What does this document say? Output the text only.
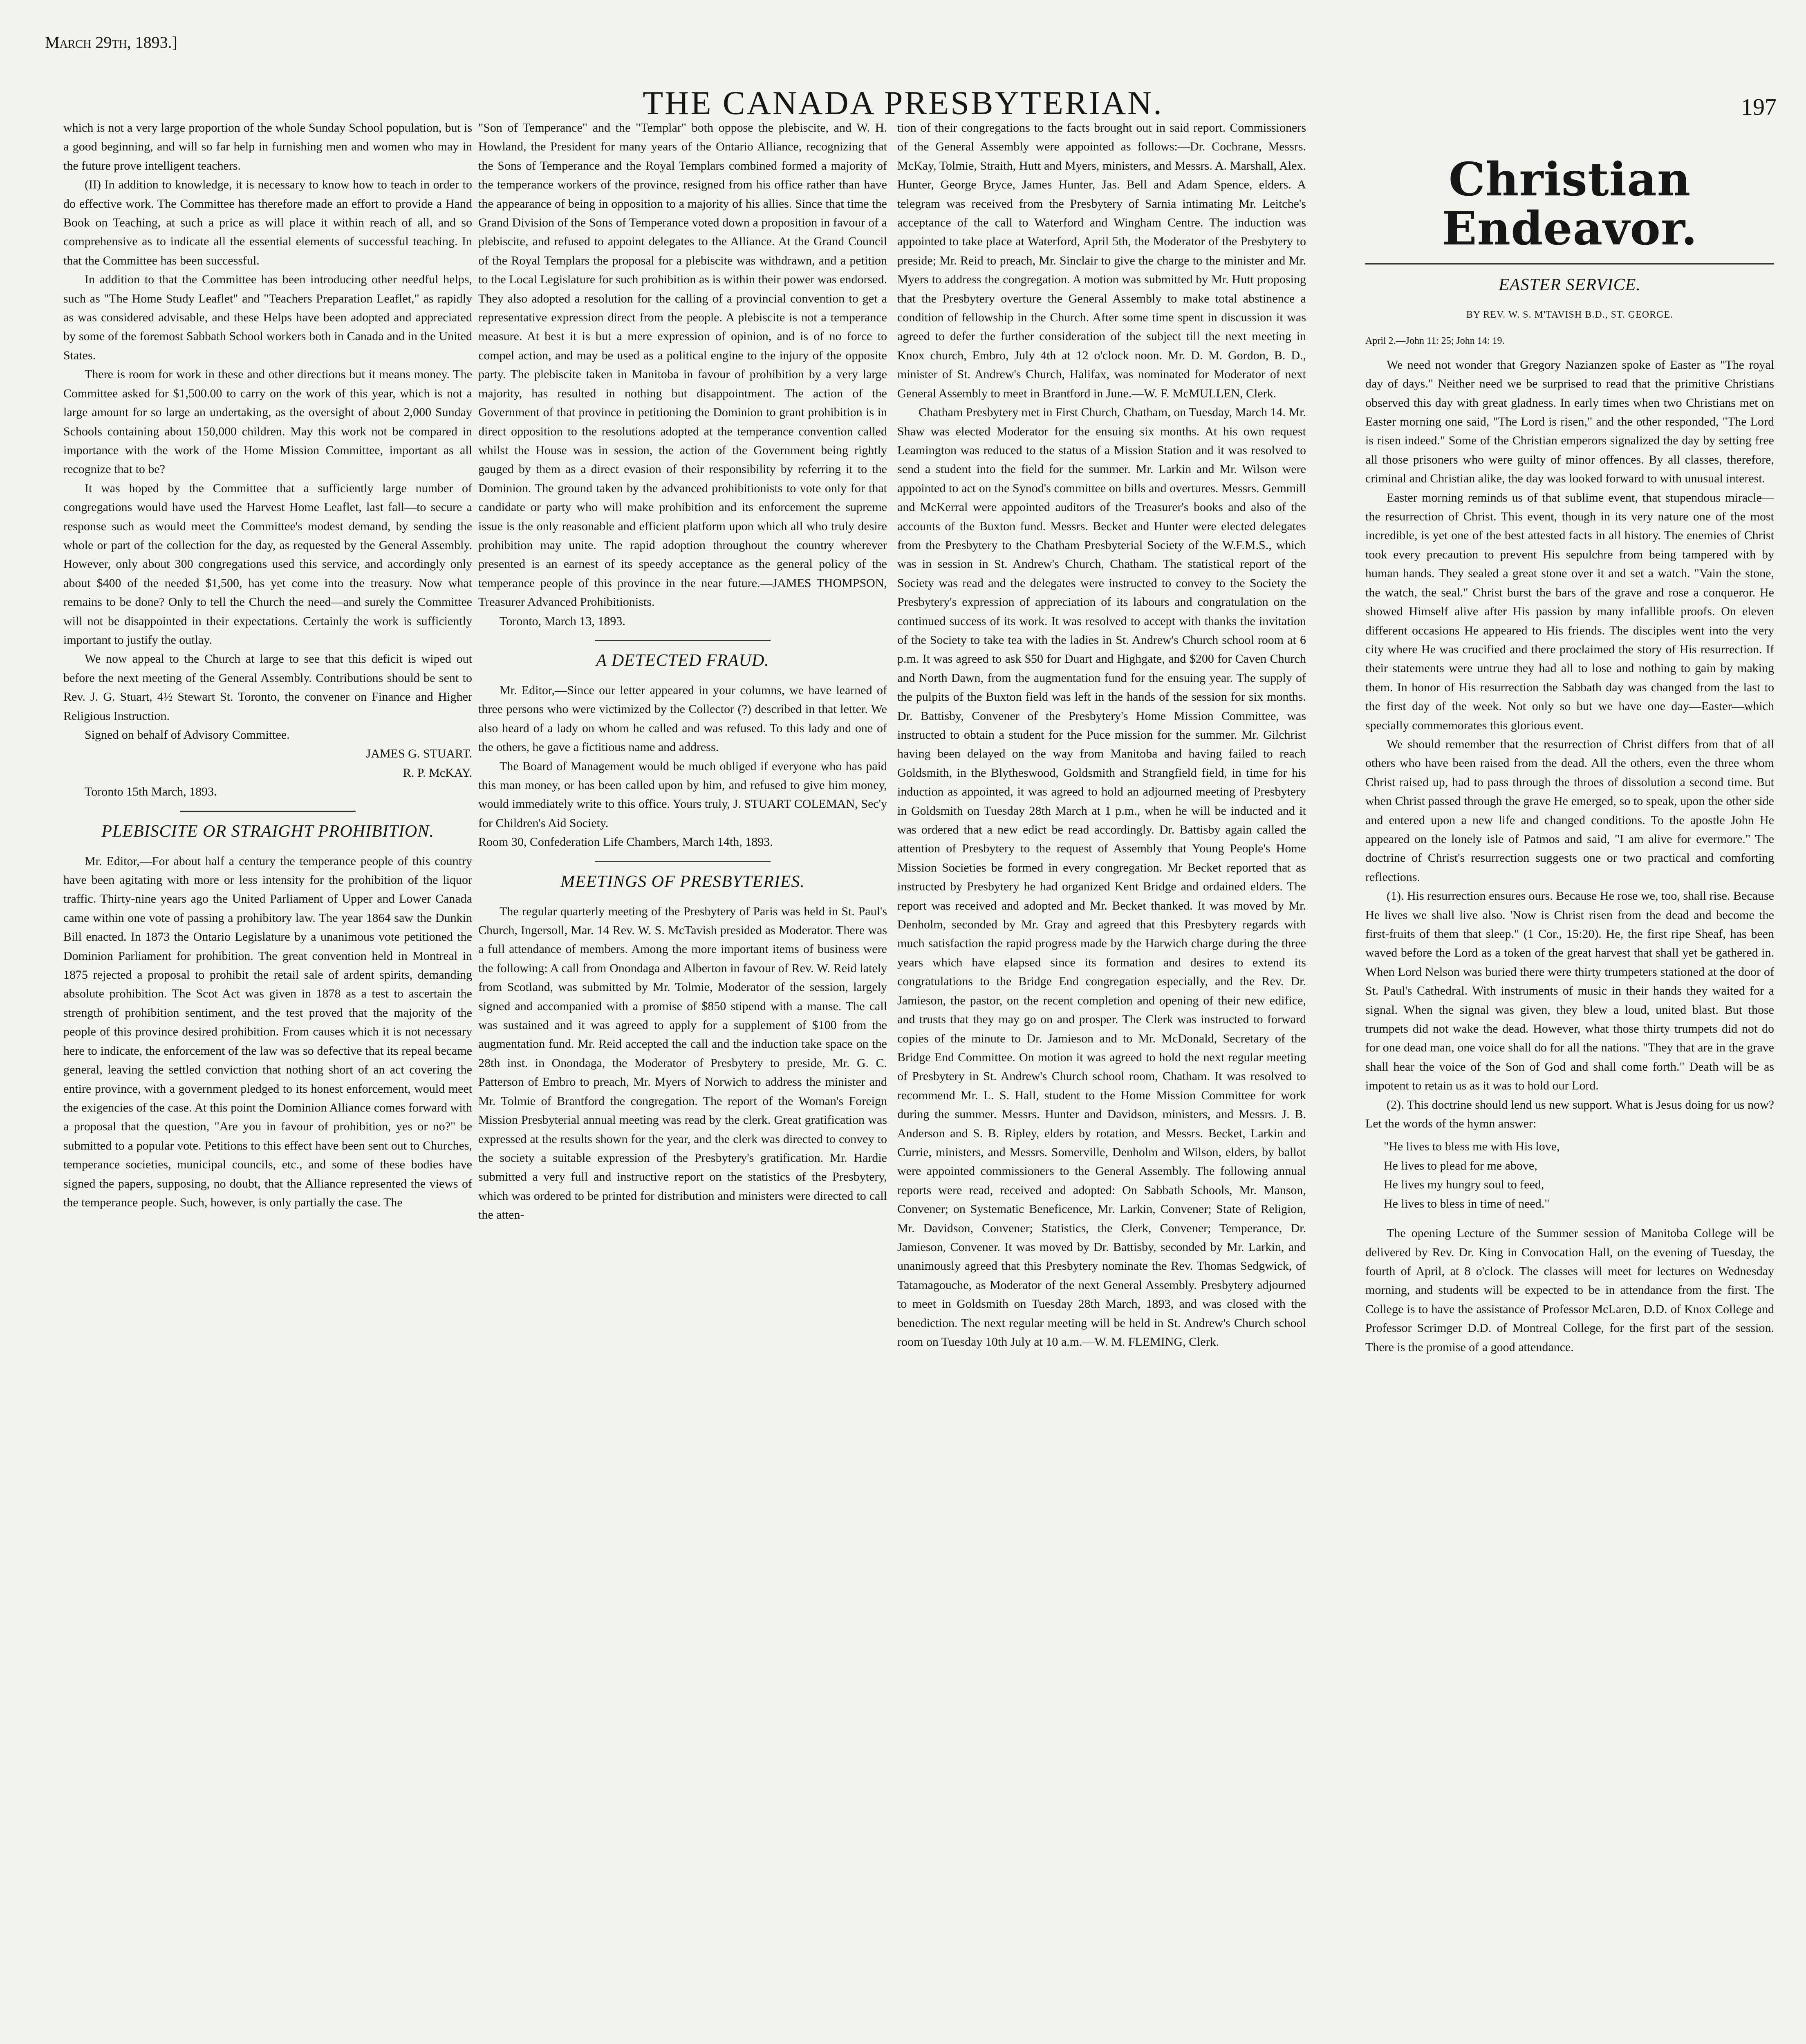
March 29th, 1893.]
THE CANADA PRESBYTERIAN.	197

which is not a very large proportion of the whole Sunday School population, but is a good beginning, and will so far help in furnishing men and women who may in the future prove intelligent teachers.

(II) In addition to knowledge, it is necessary to know how to teach in order to do effective work. The Committee has therefore made an effort to provide a Hand Book on Teaching, at such a price as will place it within reach of all, and so comprehensive as to indicate all the essential elements of successful teaching. In that the Committee has been successful.

In addition to that the Committee has been introducing other needful helps, such as "The Home Study Leaflet" and "Teachers Preparation Leaflet," as rapidly as was considered advisable, and these Helps have been adopted and appreciated by some of the foremost Sabbath School workers both in Canada and in the United States.

There is room for work in these and other directions but it means money. The Committee asked for $1,500.00 to carry on the work of this year, which is not a large amount for so large an undertaking, as the oversight of about 2,000 Sunday Schools containing about 150,000 children. May this work not be compared in importance with the work of the Home Mission Committee, important as all recognize that to be?

It was hoped by the Committee that a sufficiently large number of congregations would have used the Harvest Home Leaflet, last fall—to secure a response such as would meet the Committee's modest demand, by sending the whole or part of the collection for the day, as requested by the General Assembly. However, only about 300 congregations used this service, and accordingly only about $400 of the needed $1,500, has yet come into the treasury. Now what remains to be done? Only to tell the Church the need—and surely the Committee will not be disappointed in their expectations. Certainly the work is sufficiently important to justify the outlay.

We now appeal to the Church at large to see that this deficit is wiped out before the next meeting of the General Assembly. Contributions should be sent to Rev. J. G. Stuart, 4½ Stewart St. Toronto, the convener on Finance and Higher Religious Instruction.

Signed on behalf of Advisory Committee.

JAMES G. STUART.

R. P. McKAY.

Toronto 15th March, 1893.

PLEBISCITE OR STRAIGHT PROHIBITION.

Mr. Editor,—For about half a century the temperance people of this country have been agitating with more or less intensity for the prohibition of the liquor traffic. Thirty-nine years ago the United Parliament of Upper and Lower Canada came within one vote of passing a prohibitory law. The year 1864 saw the Dunkin Bill enacted. In 1873 the Ontario Legislature by a unanimous vote petitioned the Dominion Parliament for prohibition. The great convention held in Montreal in 1875 rejected a proposal to prohibit the retail sale of ardent spirits, demanding absolute prohibition. The Scot Act was given in 1878 as a test to ascertain the strength of prohibition sentiment, and the test proved that the majority of the people of this province desired prohibition. From causes which it is not necessary here to indicate, the enforcement of the law was so defective that its repeal became general, leaving the settled conviction that nothing short of an act covering the entire province, with a government pledged to its honest enforcement, would meet the exigencies of the case. At this point the Dominion Alliance comes forward with a proposal that the question, "Are you in favour of prohibition, yes or no?" be submitted to a popular vote. Petitions to this effect have been sent out to Churches, temperance societies, municipal councils, etc., and some of these bodies have signed the papers, supposing, no doubt, that the Alliance represented the views of the temperance people. Such, however, is only partially the case. The

"Son of Temperance" and the "Templar" both oppose the plebiscite, and W. H. Howland, the President for many years of the Ontario Alliance, recognizing that the Sons of Temperance and the Royal Templars combined formed a majority of the temperance workers of the province, resigned from his office rather than have the appearance of being in opposition to a majority of his allies. Since that time the Grand Division of the Sons of Temperance voted down a proposition in favour of a plebiscite, and refused to appoint delegates to the Alliance. At the Grand Council of the Royal Templars the proposal for a plebiscite was withdrawn, and a petition to the Local Legislature for such prohibition as is within their power was endorsed. They also adopted a resolution for the calling of a provincial convention to get a representative expression direct from the people. A plebiscite is not a temperance measure. At best it is but a mere expression of opinion, and is of no force to compel action, and may be used as a political engine to the injury of the opposite party. The plebiscite taken in Manitoba in favour of prohibition by a very large majority, has resulted in nothing but disappointment. The action of the Government of that province in petitioning the Dominion to grant prohibition is in direct opposition to the resolutions adopted at the temperance convention called whilst the House was in session, the action of the Government being rightly gauged by them as a direct evasion of their responsibility by referring it to the Dominion. The ground taken by the advanced prohibitionists to vote only for that candidate or party who will make prohibition and its enforcement the supreme issue is the only reasonable and efficient platform upon which all who truly desire prohibition may unite. The rapid adoption throughout the country wherever presented is an earnest of its speedy acceptance as the general policy of the temperance people of this province in the near future.—JAMES THOMPSON, Treasurer Advanced Prohibitionists.

Toronto, March 13, 1893.

A DETECTED FRAUD.

Mr. Editor,—Since our letter appeared in your columns, we have learned of three persons who were victimized by the Collector (?) described in that letter. We also heard of a lady on whom he called and was refused. To this lady and one of the others, he gave a fictitious name and address.

The Board of Management would be much obliged if everyone who has paid this man money, or has been called upon by him, and refused to give him money, would immediately write to this office. Yours truly, J. STUART COLEMAN, Sec'y for Children's Aid Society.

Room 30, Confederation Life Chambers, March 14th, 1893.

MEETINGS OF PRESBYTERIES.

The regular quarterly meeting of the Presbytery of Paris was held in St. Paul's Church, Ingersoll, Mar. 14 Rev. W. S. McTavish presided as Moderator. There was a full attendance of members. Among the more important items of business were the following: A call from Onondaga and Alberton in favour of Rev. W. Reid lately from Scotland, was submitted by Mr. Tolmie, Moderator of the session, largely signed and accompanied with a promise of $850 stipend with a manse. The call was sustained and it was agreed to apply for a supplement of $100 from the augmentation fund. Mr. Reid accepted the call and the induction take space on the 28th inst. in Onondaga, the Moderator of Presbytery to preside, Mr. G. C. Patterson of Embro to preach, Mr. Myers of Norwich to address the minister and Mr. Tolmie of Brantford the congregation. The report of the Woman's Foreign Mission Presbyterial annual meeting was read by the clerk. Great gratification was expressed at the results shown for the year, and the clerk was directed to convey to the society a suitable expression of the Presbytery's gratification. Mr. Hardie submitted a very full and instructive report on the statistics of the Presbytery, which was ordered to be printed for distribution and ministers were directed to call the atten-

tion of their congregations to the facts brought out in said report. Commissioners of the General Assembly were appointed as follows:—Dr. Cochrane, Messrs. McKay, Tolmie, Straith, Hutt and Myers, ministers, and Messrs. A. Marshall, Alex. Hunter, George Bryce, James Hunter, Jas. Bell and Adam Spence, elders. A telegram was received from the Presbytery of Sarnia intimating Mr. Leitche's acceptance of the call to Waterford and Wingham Centre. The induction was appointed to take place at Waterford, April 5th, the Moderator of the Presbytery to preside; Mr. Reid to preach, Mr. Sinclair to give the charge to the minister and Mr. Myers to address the congregation. A motion was submitted by Mr. Hutt proposing that the Presbytery overture the General Assembly to make total abstinence a condition of fellowship in the Church. After some time spent in discussion it was agreed to defer the further consideration of the subject till the next meeting in Knox church, Embro, July 4th at 12 o'clock noon. Mr. D. M. Gordon, B. D., minister of St. Andrew's Church, Halifax, was nominated for Moderator of next General Assembly to meet in Brantford in June.—W. F. McMULLEN, Clerk.

Chatham Presbytery met in First Church, Chatham, on Tuesday, March 14. Mr. Shaw was elected Moderator for the ensuing six months. At his own request Leamington was reduced to the status of a Mission Station and it was resolved to send a student into the field for the summer. Mr. Larkin and Mr. Wilson were appointed to act on the Synod's committee on bills and overtures. Messrs. Gemmill and McKerral were appointed auditors of the Treasurer's books and also of the accounts of the Buxton fund. Messrs. Becket and Hunter were elected delegates from the Presbytery to the Chatham Presbyterial Society of the W.F.M.S., which was in session in St. Andrew's Church, Chatham. The statistical report of the Society was read and the delegates were instructed to convey to the Society the Presbytery's expression of appreciation of its labours and congratulation on the continued success of its work. It was resolved to accept with thanks the invitation of the Society to take tea with the ladies in St. Andrew's Church school room at 6 p.m. It was agreed to ask $50 for Duart and Highgate, and $200 for Caven Church and North Dawn, from the augmentation fund for the ensuing year. The supply of the pulpits of the Buxton field was left in the hands of the session for six months. Dr. Battisby, Convener of the Presbytery's Home Mission Committee, was instructed to obtain a student for the Puce mission for the summer. Mr. Gilchrist having been delayed on the way from Manitoba and having failed to reach Goldsmith, in the Blytheswood, Goldsmith and Strangfield field, in time for his induction as appointed, it was agreed to hold an adjourned meeting of Presbytery in Goldsmith on Tuesday 28th March at 1 p.m., when he will be inducted and it was ordered that a new edict be read accordingly. Dr. Battisby again called the attention of Presbytery to the request of Assembly that Young People's Home Mission Societies be formed in every congregation. Mr Becket reported that as instructed by Presbytery he had organized Kent Bridge and ordained elders. The report was received and adopted and Mr. Becket thanked. It was moved by Mr. Denholm, seconded by Mr. Gray and agreed that this Presbytery regards with much satisfaction the rapid progress made by the Harwich charge during the three years which have elapsed since its formation and desires to extend its congratulations to the Bridge End congregation especially, and the Rev. Dr. Jamieson, the pastor, on the recent completion and opening of their new edifice, and trusts that they may go on and prosper. The Clerk was instructed to forward copies of the minute to Dr. Jamieson and to Mr. McDonald, Secretary of the Bridge End Committee. On motion it was agreed to hold the next regular meeting of Presbytery in St. Andrew's Church school room, Chatham. It was resolved to recommend Mr. L. S. Hall, student to the Home Mission Committee for work during the summer. Messrs. Hunter and Davidson, ministers, and Messrs. J. B. Anderson and S. B. Ripley, elders by rotation, and Messrs. Becket, Larkin and Currie, ministers, and Messrs. Somerville, Denholm and Wilson, elders, by ballot were appointed commissioners to the General Assembly. The following annual reports were read, received and adopted: On Sabbath Schools, Mr. Manson, Convener; on Systematic Beneficence, Mr. Larkin, Convener; State of Religion, Mr. Davidson, Convener; Statistics, the Clerk, Convener; Temperance, Dr. Jamieson, Convener. It was moved by Dr. Battisby, seconded by Mr. Larkin, and unanimously agreed that this Presbytery nominate the Rev. Thomas Sedgwick, of Tatamagouche, as Moderator of the next General Assembly. Presbytery adjourned to meet in Goldsmith on Tuesday 28th March, 1893, and was closed with the benediction. The next regular meeting will be held in St. Andrew's Church school room on Tuesday 10th July at 10 a.m.—W. M. FLEMING, Clerk.

Christian Endeavor.
EASTER SERVICE.
BY REV. W. S. M'TAVISH B.D., ST. GEORGE.
April 2.—John 11: 25; John 14: 19.

We need not wonder that Gregory Nazianzen spoke of Easter as "The royal day of days." Neither need we be surprised to read that the primitive Christians observed this day with great gladness. In early times when two Christians met on Easter morning one said, "The Lord is risen," and the other responded, "The Lord is risen indeed." Some of the Christian emperors signalized the day by setting free all those prisoners who were guilty of minor offences. By all classes, therefore, criminal and Christian alike, the day was looked forward to with unusual interest.

Easter morning reminds us of that sublime event, that stupendous miracle— the resurrection of Christ. This event, though in its very nature one of the most incredible, is yet one of the best attested facts in all history. The enemies of Christ took every precaution to prevent His sepulchre from being tampered with by human hands. They sealed a great stone over it and set a watch. "Vain the stone, the watch, the seal." Christ burst the bars of the grave and rose a conqueror. He showed Himself alive after His passion by many infallible proofs. On eleven different occasions He appeared to His friends. The disciples went into the very city where He was crucified and there proclaimed the story of His resurrection. If their statements were untrue they had all to lose and nothing to gain by making them. In honor of His resurrection the Sabbath day was changed from the last to the first day of the week. Not only so but we have one day—Easter—which specially commemorates this glorious event.

We should remember that the resurrection of Christ differs from that of all others who have been raised from the dead. All the others, even the three whom Christ raised up, had to pass through the throes of dissolution a second time. But when Christ passed through the grave He emerged, so to speak, upon the other side and entered upon a new life and changed conditions. To the apostle John He appeared on the lonely isle of Patmos and said, "I am alive for evermore." The doctrine of Christ's resurrection suggests one or two practical and comforting reflections.

(1). His resurrection ensures ours. Because He rose we, too, shall rise. Because He lives we shall live also. 'Now is Christ risen from the dead and become the first-fruits of them that sleep." (1 Cor., 15:20). He, the first ripe Sheaf, has been waved before the Lord as a token of the great harvest that shall yet be gathered in. When Lord Nelson was buried there were thirty trumpeters stationed at the door of St. Paul's Cathedral. With instruments of music in their hands they waited for a signal. When the signal was given, they blew a loud, united blast. But those trumpets did not wake the dead. However, what those thirty trumpets did not do for one dead man, one voice shall do for all the nations. "They that are in the grave shall hear the voice of the Son of God and shall come forth." Death will be as impotent to retain us as it was to hold our Lord.

(2). This doctrine should lend us new support. What is Jesus doing for us now? Let the words of the hymn answer:

"He lives to bless me with His love,

He lives to plead for me above,

He lives my hungry soul to feed,

He lives to bless in time of need."

The opening Lecture of the Summer session of Manitoba College will be delivered by Rev. Dr. King in Convocation Hall, on the evening of Tuesday, the fourth of April, at 8 o'clock. The classes will meet for lectures on Wednesday morning, and students will be expected to be in attendance from the first. The College is to have the assistance of Professor McLaren, D.D. of Knox College and Professor Scrimger D.D. of Montreal College, for the first part of the session. There is the promise of a good attendance.
